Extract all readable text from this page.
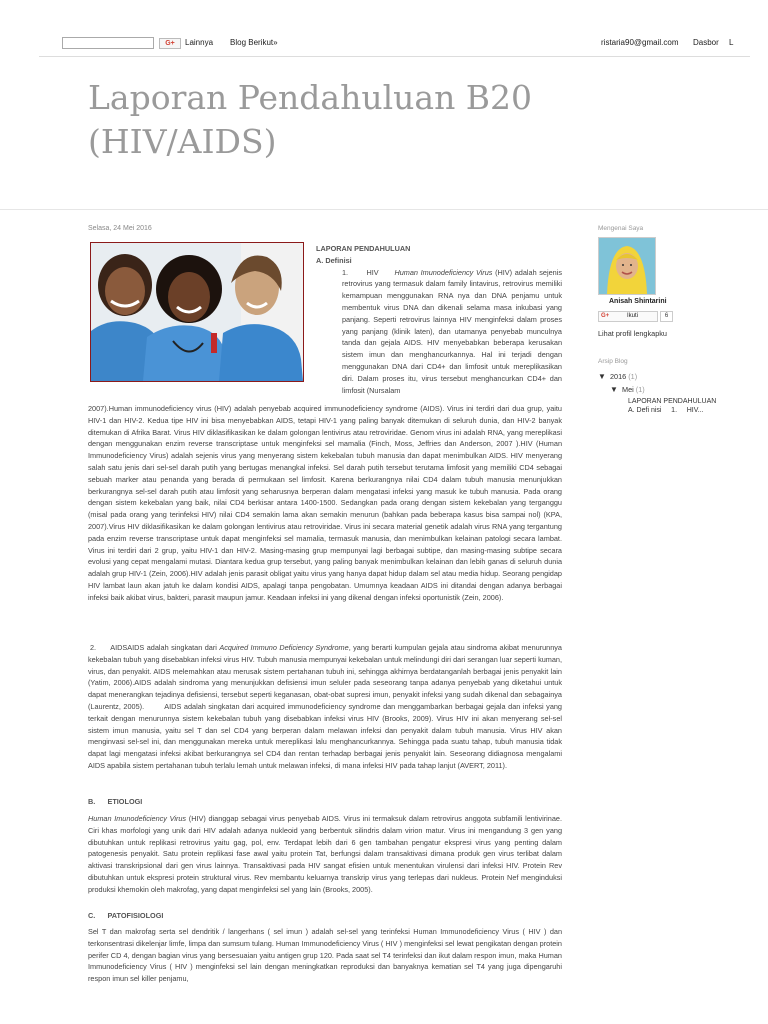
G+	Lainnya Blog Berikut»	ristaria90@gmail.com Dasbor L
Laporan Pendahuluan B20 (HIV/AIDS)
Selasa, 24 Mei 2016
LAPORAN PENDAHULUAN
A. Definisi
1.       HIV      Human Imunodeficiency Virus (HIV) adalah sejenis retrovirus yang termasuk dalam family lintavirus, retrovirus memiliki kemampuan menggunakan RNA nya dan DNA penjamu untuk membentuk virus DNA dan dikenali selama masa inkubasi yang panjang. Seperti retrovirus lainnya HIV menginfeksi dalam proses yang panjang (klinik laten), dan utamanya penyebab munculnya tanda dan gejala AIDS. HIV menyebabkan beberapa kerusakan sistem imun dan menghancurkannya. Hal ini terjadi dengan menggunakan DNA dari CD4+ dan limfosit untuk mereplikasikan diri. Dalam proses itu, virus tersebut menghancurkan CD4+ dan limfosit (Nursalam
2007).Human immunodeficiency virus (HIV) adalah penyebab acquired immunodeficiency syndrome (AIDS). Virus ini terdiri dari dua grup, yaitu HIV-1 dan HIV-2. Kedua tipe HIV ini bisa menyebabkan AIDS, tetapi HIV-1 yang paling banyak ditemukan di seluruh dunia, dan HIV-2 banyak ditemukan di Afrika Barat. Virus HIV diklasifikasikan ke dalam golongan lentivirus atau retroviridae. Genom virus ini adalah RNA, yang mereplikasi dengan menggunakan enzim reverse transcriptase untuk menginfeksi sel mamalia (Finch, Moss, Jeffries dan Anderson, 2007 ).HIV (Human Immunodeficiency Virus) adalah sejenis virus yang menyerang sistem kekebalan tubuh manusia dan dapat menimbulkan AIDS. HIV menyerang salah satu jenis dari sel-sel darah putih yang bertugas menangkal infeksi. Sel darah putih tersebut terutama limfosit yang memiliki CD4 sebagai sebuah marker atau penanda yang berada di permukaan sel limfosit. Karena berkurangnya nilai CD4 dalam tubuh manusia menunjukkan berkurangnya sel-sel darah putih atau limfosit yang seharusnya berperan dalam mengatasi infeksi yang masuk ke tubuh manusia. Pada orang dengan sistem kekebalan yang baik, nilai CD4 berkisar antara 1400-1500. Sedangkan pada orang dengan sistem kekebalan yang terganggu (misal pada orang yang terinfeksi HIV) nilai CD4 semakin lama akan semakin menurun (bahkan pada beberapa kasus bisa sampai nol) (KPA, 2007).Virus HIV diklasifikasikan ke dalam golongan lentivirus atau retroviridae. Virus ini secara material genetik adalah virus RNA yang tergantung pada enzim reverse transcriptase untuk dapat menginfeksi sel mamalia, termasuk manusia, dan menimbulkan kelainan patologi secara lambat. Virus ini terdiri dari 2 grup, yaitu HIV-1 dan HIV-2. Masing-masing grup mempunyai lagi berbagai subtipe, dan masing-masing subtipe secara evolusi yang cepat mengalami mutasi. Diantara kedua grup tersebut, yang paling banyak menimbulkan kelainan dan lebih ganas di seluruh dunia adalah grup HIV-1 (Zein, 2006).HIV adalah jenis parasit obligat yaitu virus yang hanya dapat hidup dalam sel atau media hidup. Seorang pengidap HIV lambat laun akan jatuh ke dalam kondisi AIDS, apalagi tanpa pengobatan. Umumnya keadaan AIDS ini ditandai dengan adanya berbagai infeksi baik akibat virus, bakteri, parasit maupun jamur. Keadaan infeksi ini yang dikenal dengan infeksi oportunistik (Zein, 2006).
2.      AIDSAIDS adalah singkatan dari Acquired Immuno Deficiency Syndrome, yang berarti kumpulan gejala atau sindroma akibat menurunnya kekebalan tubuh yang disebabkan infeksi virus HIV. Tubuh manusia mempunyai kekebalan untuk melindungi diri dari serangan luar seperti kuman, virus, dan penyakit. AIDS melemahkan atau merusak sistem pertahanan tubuh ini, sehingga akhirnya berdatanganlah berbagai jenis penyakit lain (Yatim, 2006).AIDS adalah sindroma yang menunjukkan defisiensi imun seluler pada seseorang tanpa adanya penyebab yang diketahui untuk dapat menerangkan tejadinya defisiensi, tersebut seperti keganasan, obat-obat supresi imun, penyakit infeksi yang sudah dikenal dan sebagainya (Laurentz, 2005).        AIDS adalah singkatan dari acquired immunodeficiency syndrome dan menggambarkan berbagai gejala dan infeksi yang terkait dengan menurunnya sistem kekebalan tubuh yang disebabkan infeksi virus HIV (Brooks, 2009). Virus HIV ini akan menyerang sel-sel sistem imun manusia, yaitu sel T dan sel CD4 yang berperan dalam melawan infeksi dan penyakit dalam tubuh manusia. Virus HIV akan menginvasi sel-sel ini, dan menggunakan mereka untuk mereplikasi lalu menghancurkannya. Sehingga pada suatu tahap, tubuh manusia tidak dapat lagi mengatasi infeksi akibat berkurangnya sel CD4 dan rentan terhadap berbagai jenis penyakit lain. Seseorang didiagnosa mengalami AIDS apabila sistem pertahanan tubuh terlalu lemah untuk melawan infeksi, di mana infeksi HIV pada tahap lanjut (AVERT, 2011).
B.      ETIOLOGI
Human Imunodeficiency Virus (HIV) dianggap sebagai virus penyebab AIDS. Virus ini termaksuk dalam retrovirus anggota subfamili lentivirinae. Ciri khas morfologi yang unik dari HIV adalah adanya nukleoid yang berbentuk silindris dalam virion matur. Virus ini mengandung 3 gen yang dibutuhkan untuk replikasi retrovirus yaitu gag, pol, env. Terdapat lebih dari 6 gen tambahan pengatur ekspresi virus yang penting dalam patogenesis penyakit. Satu protein replikasi fase awal yaitu protein Tat, berfungsi dalam transaktivasi dimana produk gen virus terlibat dalam aktivasi transkripsional dari gen virus lainnya. Transaktivasi pada HIV sangat efisien untuk menentukan virulensi dari infeksi HIV. Protein Rev dibutuhkan untuk ekspresi protein struktural virus. Rev membantu keluarnya transkrip virus yang terlepas dari nukleus. Protein Nef menginduksi produksi khemokin oleh makrofag, yang dapat menginfeksi sel yang lain (Brooks, 2005).
C.      PATOFISIOLOGI
Sel T dan makrofag serta sel dendritik / langerhans ( sel imun ) adalah sel-sel yang terinfeksi Human Immunodeficiency Virus ( HIV ) dan terkonsentrasi dikelenjar limfe, limpa dan sumsum tulang. Human Immunodeficiency Virus ( HIV ) menginfeksi sel lewat pengikatan dengan protein perifer CD 4, dengan bagian virus yang bersesuaian yaitu antigen grup 120. Pada saat sel T4 terinfeksi dan ikut dalam respon imun, maka Human Immunodeficiency Virus ( HIV ) menginfeksi sel lain dengan meningkatkan reproduksi dan banyaknya kematian sel T4 yang juga dipengaruhi respon imun sel killer penjamu,
Mengenai Saya
Anisah Shintarini
G+	Ikuti	6
Lihat profil lengkapku
Arsip Blog
▼ 2016 (1)
▼ Mei (1)
LAPORAN PENDAHULUAN A. Defi nisi     1.     HIV...
